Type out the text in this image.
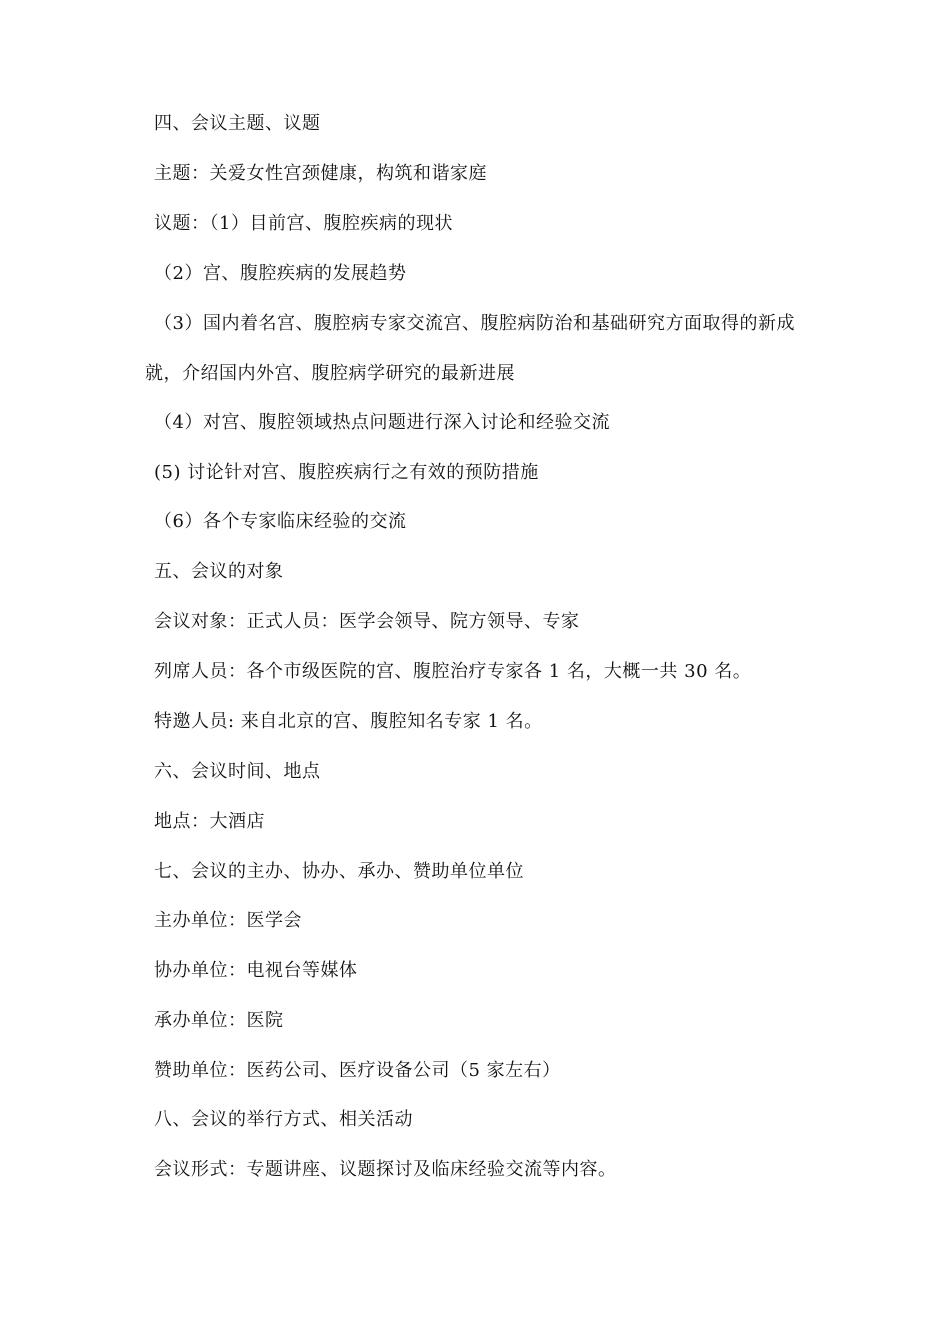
四、会议主题、议题
主题：关爱女性宫颈健康，构筑和谐家庭
议题：（1）目前宫、腹腔疾病的现状
（2）宫、腹腔疾病的发展趋势
（3）国内着名宫、腹腔病专家交流宫、腹腔病防治和基础研究方面取得的新成
就，介绍国内外宫、腹腔病学研究的最新进展
（4）对宫、腹腔领域热点问题进行深入讨论和经验交流
(5) 讨论针对宫、腹腔疾病行之有效的预防措施
（6）各个专家临床经验的交流
五、会议的对象
会议对象：正式人员：医学会领导、院方领导、专家
列席人员：各个市级医院的宫、腹腔治疗专家各 1 名，大概一共 30 名。
特邀人员: 来自北京的宫、腹腔知名专家 1 名。
六、会议时间、地点
地点：大酒店
七、会议的主办、协办、承办、赞助单位单位
主办单位：医学会
协办单位：电视台等媒体
承办单位：医院
赞助单位：医药公司、医疗设备公司（5 家左右）
八、会议的举行方式、相关活动
会议形式：专题讲座、议题探讨及临床经验交流等内容。
